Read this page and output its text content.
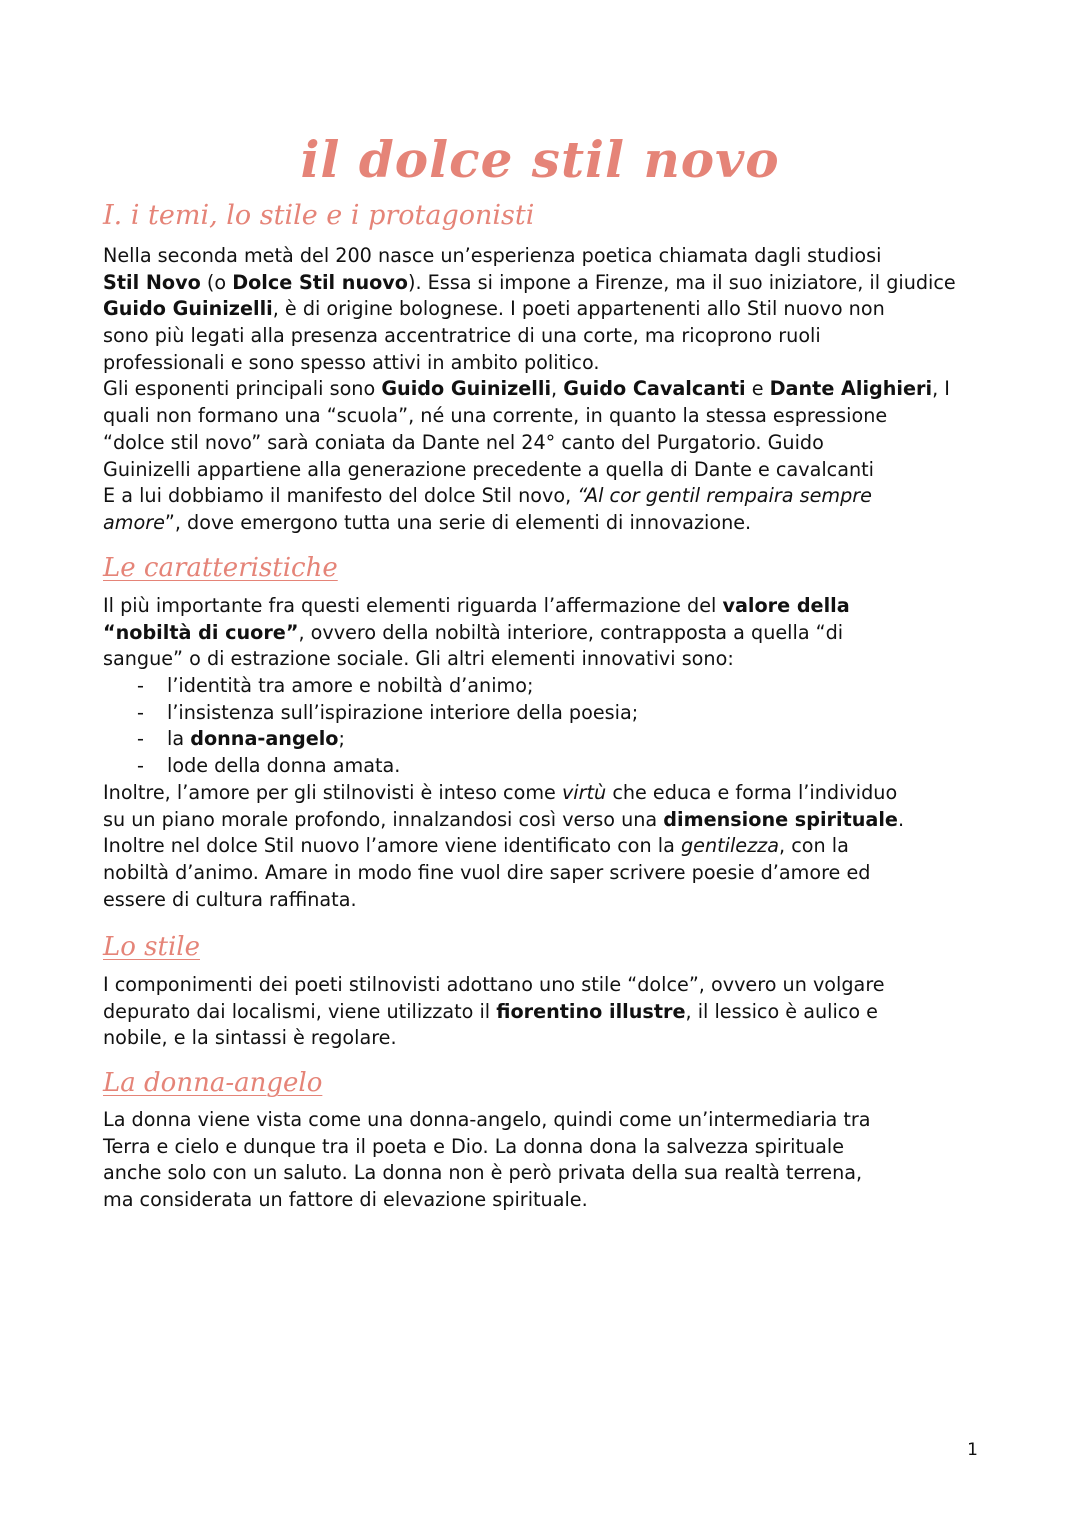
il dolce stil novo
I. i temi, lo stile e i protagonisti
Nella seconda metà del 200 nasce un’esperienza poetica chiamata dagli studiosi
Stil Novo (o Dolce Stil nuovo). Essa si impone a Firenze, ma il suo iniziatore, il giudice
Guido Guinizelli, è di origine bolognese. I poeti appartenenti allo Stil nuovo non
sono più legati alla presenza accentratrice di una corte, ma ricoprono ruoli
professionali e sono spesso attivi in ambito politico.
Gli esponenti principali sono Guido Guinizelli, Guido Cavalcanti e Dante Alighieri, I
quali non formano una “scuola”, né una corrente, in quanto la stessa espressione
“dolce stil novo” sarà coniata da Dante nel 24° canto del Purgatorio. Guido
Guinizelli appartiene alla generazione precedente a quella di Dante e cavalcanti
E a lui dobbiamo il manifesto del dolce Stil novo, “Al cor gentil rempaira sempre
amore”, dove emergono tutta una serie di elementi di innovazione.
Le caratteristiche
Il più importante fra questi elementi riguarda l’affermazione del valore della
“nobiltà di cuore”, ovvero della nobiltà interiore, contrapposta a quella “di
sangue” o di estrazione sociale. Gli altri elementi innovativi sono:
- l’identità tra amore e nobiltà d’animo;
- l’insistenza sull’ispirazione interiore della poesia;
- la donna-angelo;
- lode della donna amata.
Inoltre, l’amore per gli stilnovisti è inteso come virtù che educa e forma l’individuo
su un piano morale profondo, innalzandosi così verso una dimensione spirituale.
Inoltre nel dolce Stil nuovo l’amore viene identificato con la gentilezza, con la
nobiltà d’animo. Amare in modo fine vuol dire saper scrivere poesie d’amore ed
essere di cultura raffinata.
Lo stile
I componimenti dei poeti stilnovisti adottano uno stile “dolce”, ovvero un volgare
depurato dai localismi, viene utilizzato il fiorentino illustre, il lessico è aulico e
nobile, e la sintassi è regolare.
La donna-angelo
La donna viene vista come una donna-angelo, quindi come un’intermediaria tra
Terra e cielo e dunque tra il poeta e Dio. La donna dona la salvezza spirituale
anche solo con un saluto. La donna non è però privata della sua realtà terrena,
ma considerata un fattore di elevazione spirituale.
1
